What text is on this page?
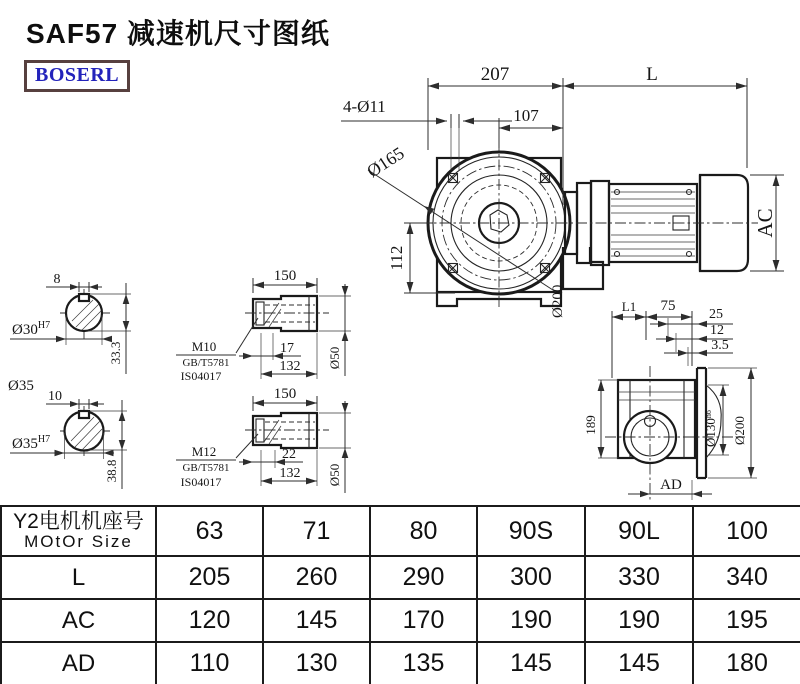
SAF57 减速机尺寸图纸
BOSERL
Ø165
Ø200
4-Ø11
207	L
107
112
AC
8
$Ø30^{H7}$
33.3
Ø35
10
$Ø35^{H7}$
38.8
150
Ø50
17
132
M10
GB/T5781
IS04017
150
Ø50
22
132
M12
GB/T5781
IS04017
L1 75
25
12
3.5
189	$Ø130^{h6}$
Ø200
AD
Y2电机机座号
MOtOr Size	63	71	80	90S	90L	100
L	205	260	290	300	330	340
AC	120	145	170	190	190	195
AD	110	130	135	145	145	180
